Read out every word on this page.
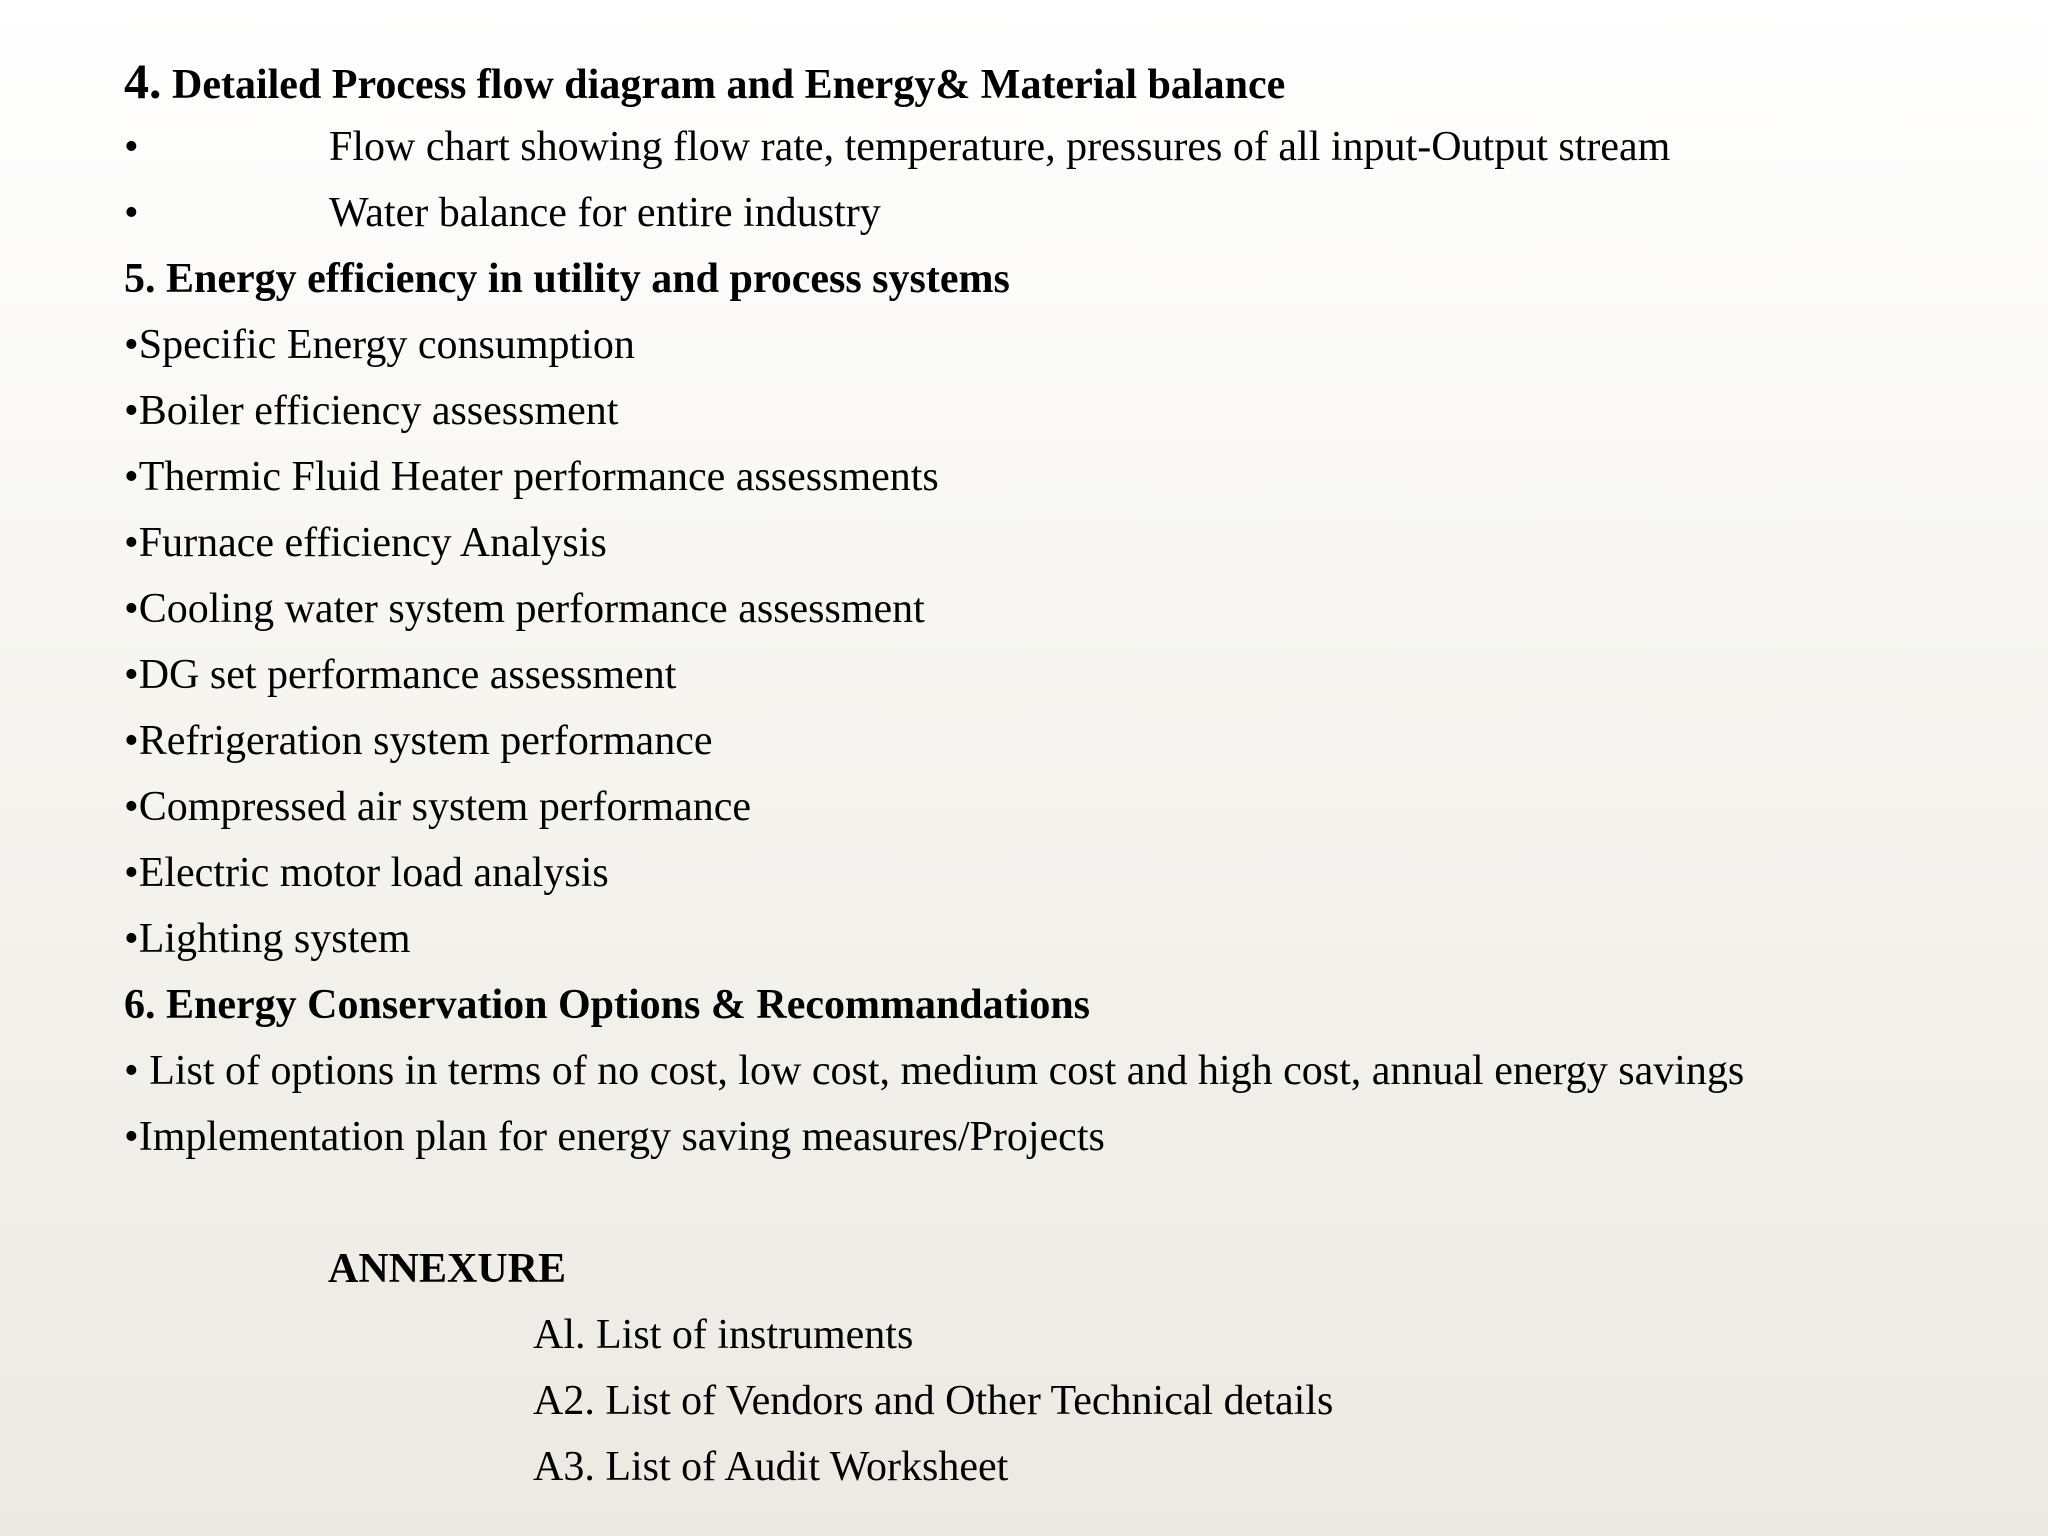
4. Detailed Process flow diagram and Energy& Material balance
•	Flow chart showing flow rate, temperature, pressures of all input-Output stream
•	Water balance for entire industry
5. Energy efficiency in utility and process systems
•Specific Energy consumption
•Boiler efficiency assessment
•Thermic Fluid Heater performance assessments
•Furnace efficiency Analysis
•Cooling water system performance assessment
•DG set performance assessment
•Refrigeration system performance
•Compressed air system performance
•Electric motor load analysis
•Lighting system
6. Energy Conservation Options & Recommandations
• List of options in terms of no cost, low cost, medium cost and high cost, annual energy savings
•Implementation plan for energy saving measures/Projects
ANNEXURE
Al. List of instruments
A2. List of Vendors and Other Technical details
A3. List of Audit Worksheet
